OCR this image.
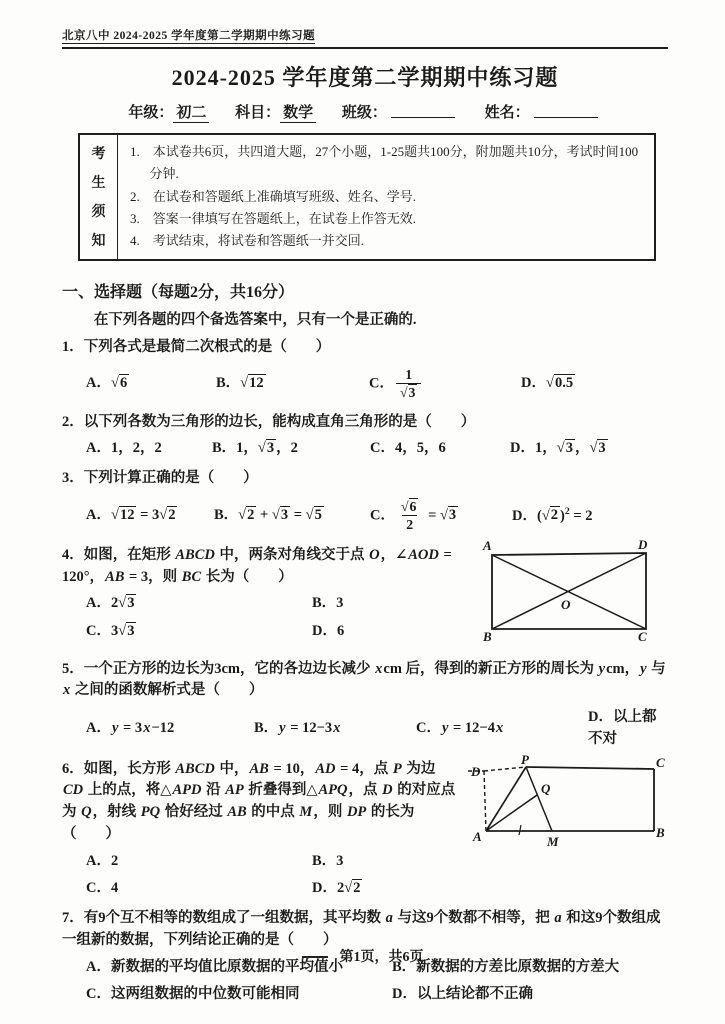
北京八中 2024-2025 学年度第二学期期中练习题
2024-2025 学年度第二学期期中练习题
年级： 初二 科目： 数学 班级：	姓名：
考
生
须
知
1.　本试卷共6页，共四道大题，27个小题，1-25题共100分，附加题共10分，考试时间100分钟.
2.　在试卷和答题纸上准确填写班级、姓名、学号.
3.　答案一律填写在答题纸上，在试卷上作答无效.
4.　考试结束，将试卷和答题纸一并交回.
一、选择题（每题2分，共16分）
在下列各题的四个备选答案中，只有一个是正确的.
1．下列各式是最简二次根式的是（　　）
A．√6	B．√12	C． $\frac{1}{√3}$	D．√0.5
2．以下列各数为三角形的边长，能构成直角三角形的是（　　）
A．1，2，2	B．1，√3 ，2	C．4，5，6	D．1，√3 ，√3
3．下列计算正确的是（　　）
A．√12 = 3√2	B．√2 + √3 = √5	C． $\frac{√6}{2} = √3$	D．(√2 )$^2$ = 2
A	D
B	C
O
4．如图，在矩形 ABCD 中，两条对角线交于点 O，∠AOD = 120°，AB = 3，则 BC 长为（　　）
A．2√3	B．3
C．3√3	D．6
5．一个正方形的边长为3cm，它的各边边长减少 xcm 后，得到的新正方形的周长为 ycm，y 与 x 之间的函数解析式是（　　）
A．y = 3x−12	B．y = 12−3x	C．y = 12−4x
D．以上都不对
D
P	C
A	B
M
Q
6．如图，长方形 ABCD 中，AB = 10，AD = 4，点 P 为边 CD 上的点，将△APD 沿 AP 折叠得到△APQ，点 D 的对应点为 Q，射线 PQ 恰好经过 AB 的中点 M，则 DP 的长为（　　）
A．2	B．3
C．4	D．2√2
7．有9个互不相等的数组成了一组数据，其平均数 a 与这9个数都不相等，把 a 和这9个数组成一组新的数据，下列结论正确的是（　　）
A．新数据的平均值比原数据的平均值小	B．新数据的方差比原数据的方差大
C．这两组数据的中位数可能相同	D．以上结论都不正确
第1页，共6页
